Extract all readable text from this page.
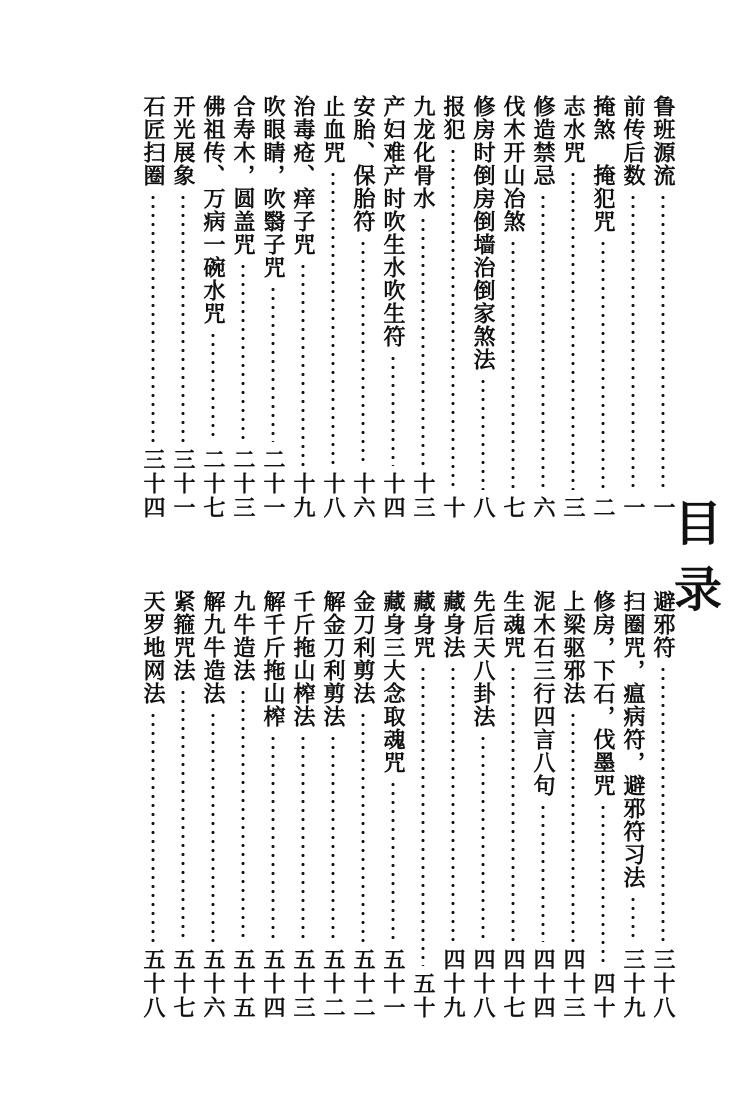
目
录
鲁班源流
一
前传后数
一
掩煞　掩犯咒
二
志水咒
三
修造禁忌
六
伐木开山冶煞
七
修房时倒房倒墙治倒家煞法
八
报犯
十
九龙化骨水
十三
产妇难产时吹生水吹生符
十四
安胎、保胎符
十六
止血咒
十八
治毒疮、痒子咒
十九
吹眼睛，吹翳子咒
二十一
合寿木，圆盖咒
二十三
佛祖传、万病一碗水咒
二十七
开光展象
三十一
石匠扫圈
三十四
避邪符
三十八
扫圈咒，瘟病符，避邪符习法
三十九
修房，下石，伐墨咒
四十
上梁驱邪法
四十三
泥木石三行四言八句
四十四
生魂咒
四十七
先后天八卦法
四十八
藏身法
四十九
藏身咒
五十
藏身三大念取魂咒
五十一
金刀利剪法
五十二
解金刀利剪法
五十二
千斤拖山榨法
五十三
解千斤拖山榨
五十四
九牛造法
五十五
解九牛造法
五十六
紧箍咒法
五十七
天罗地网法
五十八
